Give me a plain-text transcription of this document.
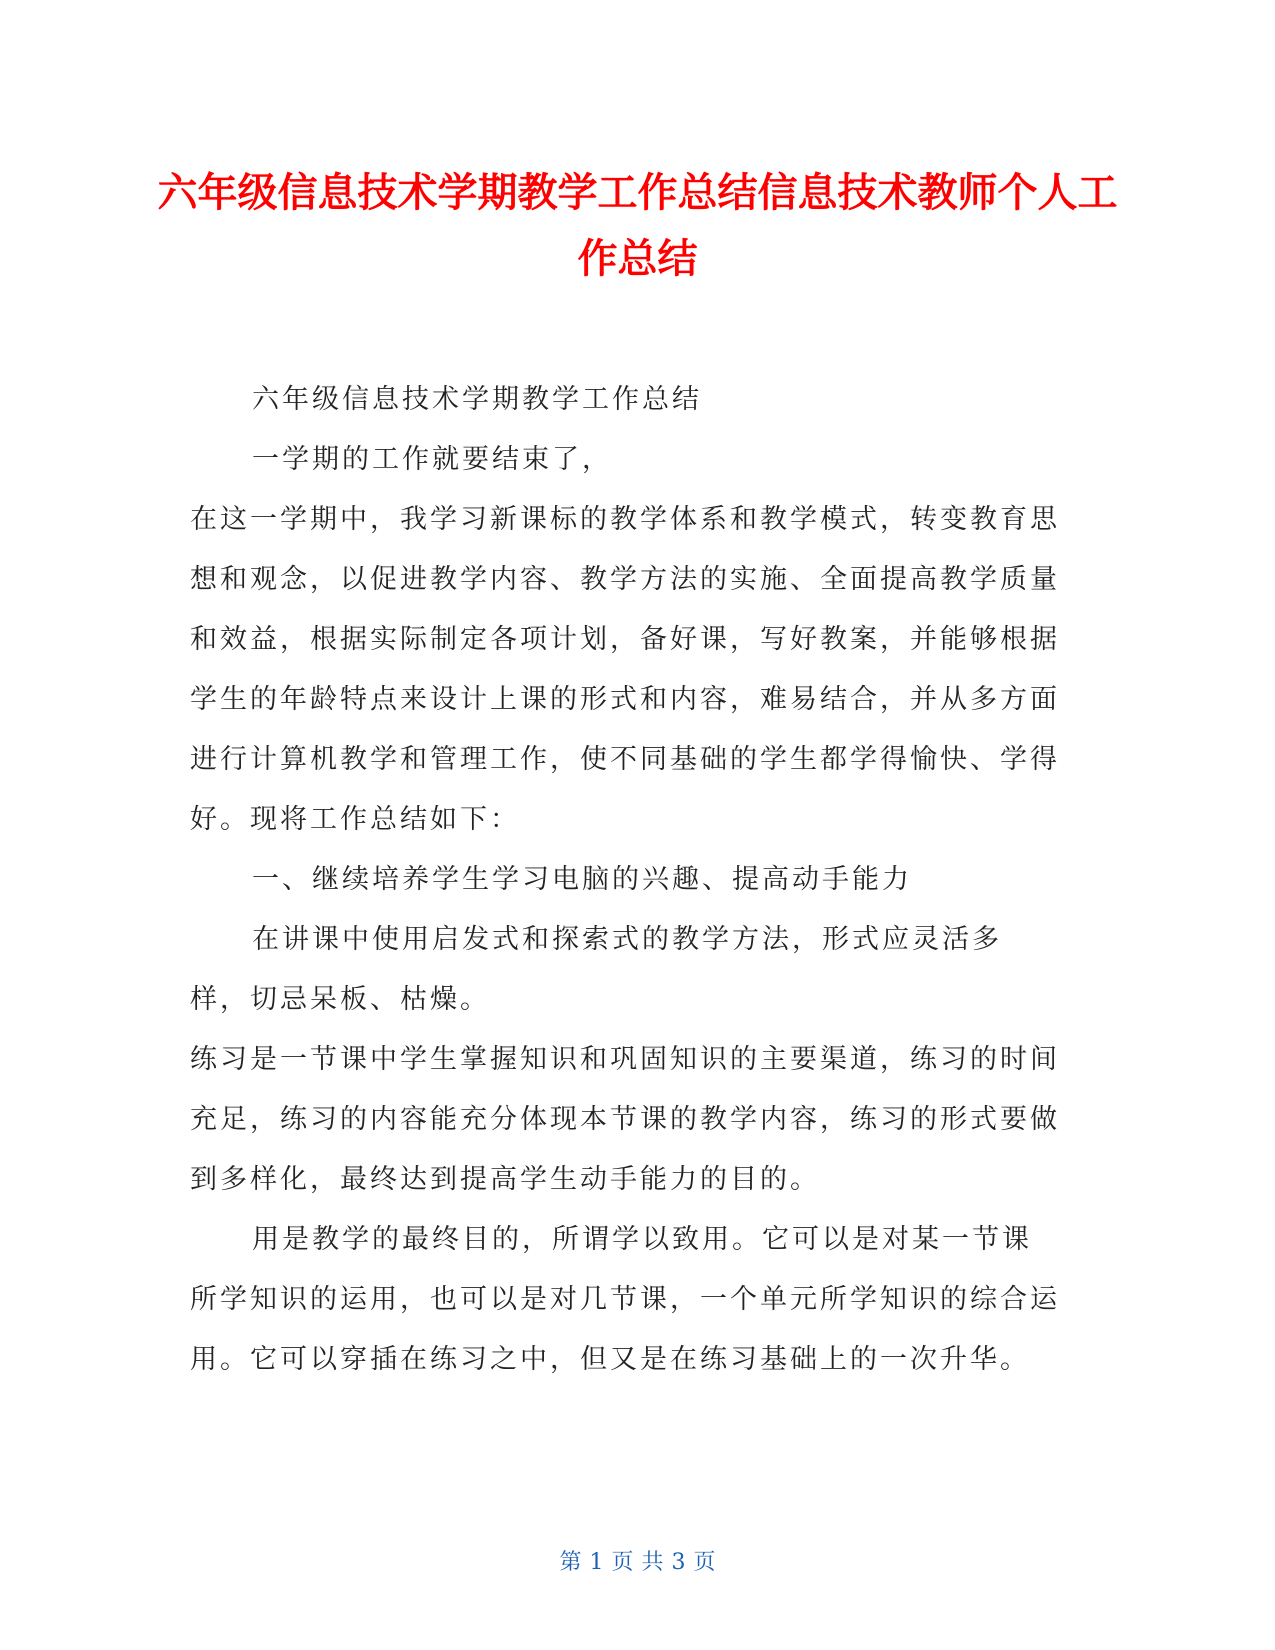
六年级信息技术学期教学工作总结信息技术教师个人工作总结

六年级信息技术学期教学工作总结

一学期的工作就要结束了，

在这一学期中，我学习新课标的教学体系和教学模式，转变教育思想和观念，以促进教学内容、教学方法的实施、全面提高教学质量和效益，根据实际制定各项计划，备好课，写好教案，并能够根据学生的年龄特点来设计上课的形式和内容，难易结合，并从多方面进行计算机教学和管理工作，使不同基础的学生都学得愉快、学得好。现将工作总结如下：

一、继续培养学生学习电脑的兴趣、提高动手能力

在讲课中使用启发式和探索式的教学方法，形式应灵活多样，切忌呆板、枯燥。

练习是一节课中学生掌握知识和巩固知识的主要渠道，练习的时间充足，练习的内容能充分体现本节课的教学内容，练习的形式要做到多样化，最终达到提高学生动手能力的目的。

用是教学的最终目的，所谓学以致用。它可以是对某一节课所学知识的运用，也可以是对几节课，一个单元所学知识的综合运用。它可以穿插在练习之中，但又是在练习基础上的一次升华。

第 1 页 共 3 页
